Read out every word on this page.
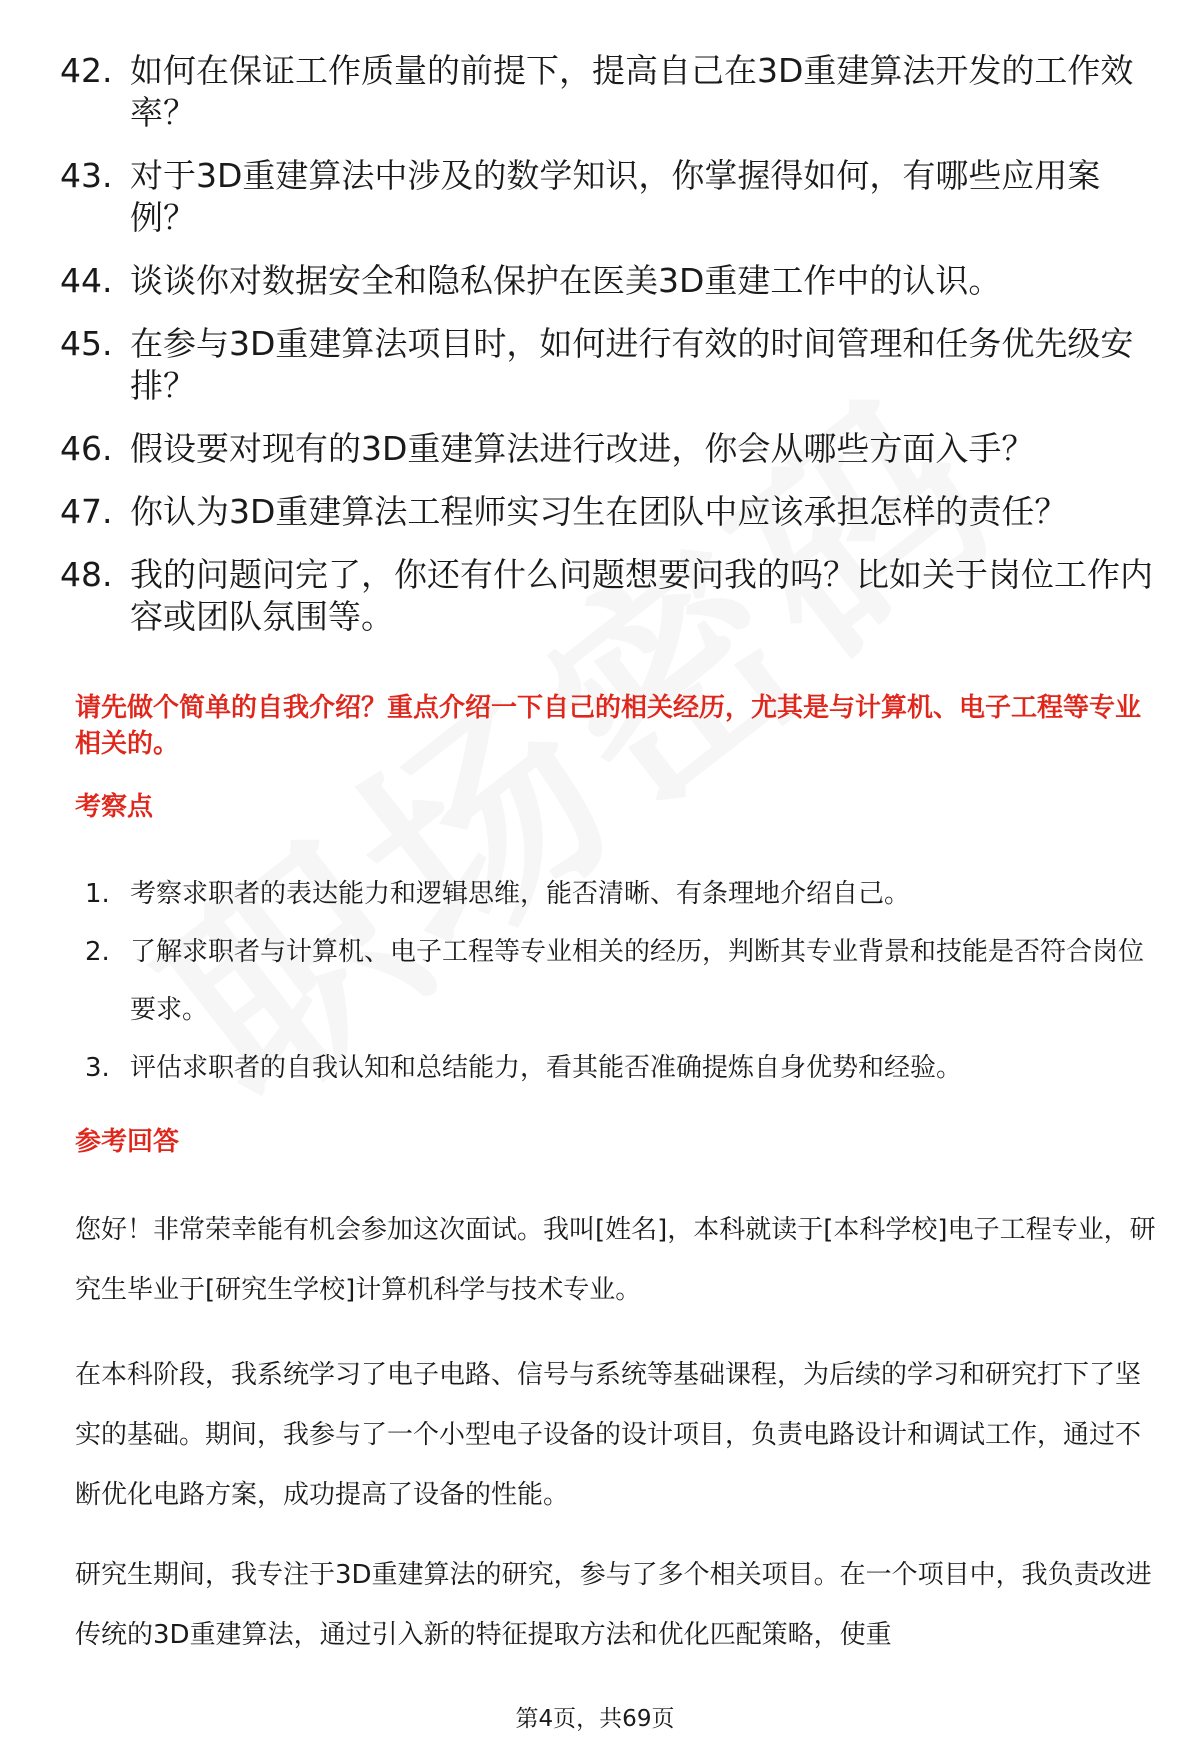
42. 如何在保证工作质量的前提下，提高自己在3D重建算法开发的工作效率？
43. 对于3D重建算法中涉及的数学知识，你掌握得如何，有哪些应用案例？
44. 谈谈你对数据安全和隐私保护在医美3D重建工作中的认识。
45. 在参与3D重建算法项目时，如何进行有效的时间管理和任务优先级安排？
46. 假设要对现有的3D重建算法进行改进，你会从哪些方面入手？
47. 你认为3D重建算法工程师实习生在团队中应该承担怎样的责任？
48. 我的问题问完了，你还有什么问题想要问我的吗？比如关于岗位工作内容或团队氛围等。
请先做个简单的自我介绍？重点介绍一下自己的相关经历，尤其是与计算机、电子工程等专业相关的。
考察点
1. 考察求职者的表达能力和逻辑思维，能否清晰、有条理地介绍自己。
2. 了解求职者与计算机、电子工程等专业相关的经历，判断其专业背景和技能是否符合岗位要求。
3. 评估求职者的自我认知和总结能力，看其能否准确提炼自身优势和经验。
参考回答

您好！非常荣幸能有机会参加这次面试。我叫[姓名]，本科就读于[本科学校]电子工程专业，研究生毕业于[研究生学校]计算机科学与技术专业。

在本科阶段，我系统学习了电子电路、信号与系统等基础课程，为后续的学习和研究打下了坚实的基础。期间，我参与了一个小型电子设备的设计项目，负责电路设计和调试工作，通过不断优化电路方案，成功提高了设备的性能。

研究生期间，我专注于3D重建算法的研究，参与了多个相关项目。在一个项目中，我负责改进传统的3D重建算法，通过引入新的特征提取方法和优化匹配策略，使重

第4页，共69页
